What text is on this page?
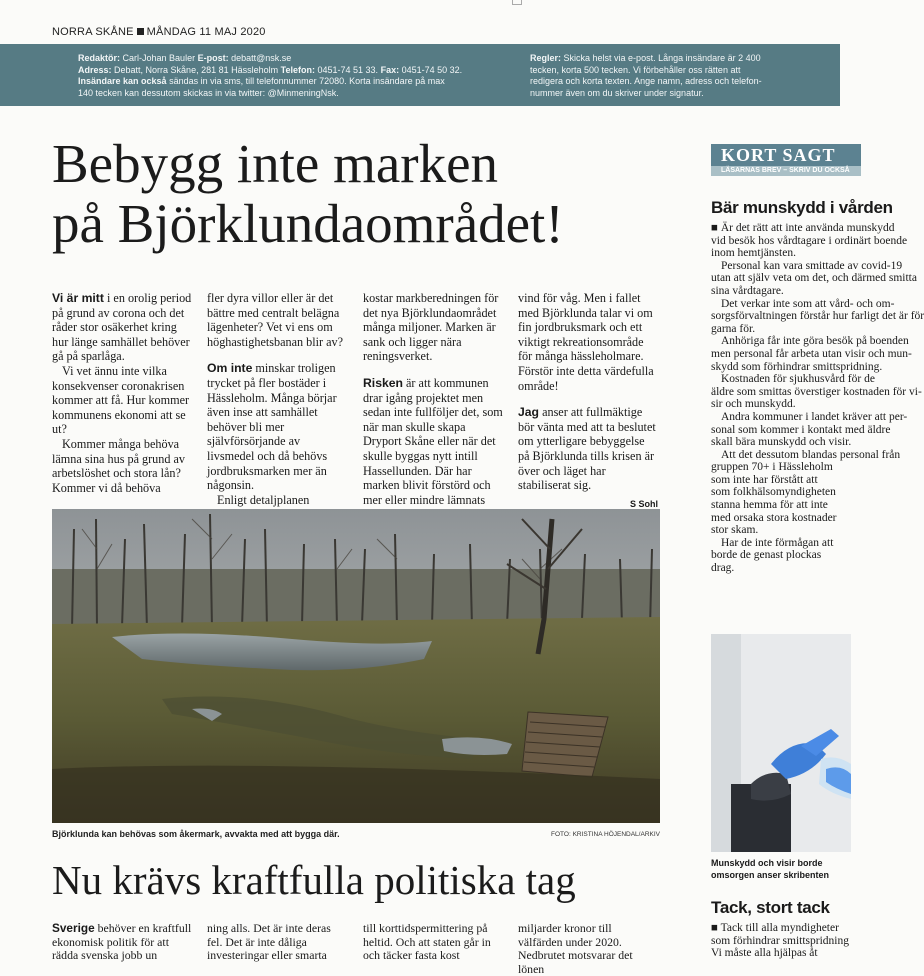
NORRA SKÅNE MÅNDAG 11 MAJ 2020
Redaktör: Carl-Johan Bauler E-post: debatt@nsk.se
Adress: Debatt, Norra Skåne, 281 81 Hässleholm Telefon: 0451-74 51 33. Fax: 0451-74 50 32.
Insändare kan också sändas in via sms, till telefonnummer 72080. Korta insändare på max
140 tecken kan dessutom skickas in via twitter: @MinmeningNsk.
Regler: Skicka helst via e-post. Långa insändare är 2 400
tecken, korta 500 tecken. Vi förbehåller oss rätten att
redigera och korta texten. Ange namn, adress och telefon-
nummer även om du skriver under signatur.
Bebygg inte marken
på Björklundaområdet!

Vi är mitt i en orolig period på grund av corona och det råder stor osäkerhet kring hur länge samhället behöver gå på sparlåga.

Vi vet ännu inte vilka konsekvenser coronakrisen kommer att få. Hur kommer kommunens ekonomi att se ut?

Kommer många behöva lämna sina hus på grund av arbetslöshet och stora lån? Kommer vi då behöva

fler dyra villor eller är det bättre med centralt belägna lägenheter? Vet vi ens om höghastighetsbanan blir av?

Om inte minskar troligen trycket på fler bostäder i Hässleholm. Många börjar även inse att samhället behöver bli mer självförsörjande av livsmedel och då behövs jordbruksmarken mer än någonsin.

Enligt detaljplanen

kostar markberedningen för det nya Björklundaområdet många miljoner. Marken är sank och ligger nära reningsverket.

Risken är att kommunen drar igång projektet men sedan inte fullföljer det, som när man skulle skapa Dryport Skåne eller när det skulle byggas nytt intill Hassellunden. Där har marken blivit förstörd och mer eller mindre lämnats

vind för våg. Men i fallet med Björklunda talar vi om fin jordbruksmark och ett viktigt rekreationsområde för många hässleholmare. Förstör inte detta värdefulla område!

Jag anser att fullmäktige bör vänta med att ta beslutet om ytterligare bebyggelse på Björklunda tills krisen är över och läget har stabiliserat sig.

S Sohl
Björklunda kan behövas som åkermark, avvakta med att bygga där.	FOTO: KRISTINA HÖJENDAL/ARKIV
Nu krävs kraftfulla politiska tag

Sverige behöver en kraftfull ekonomisk politik för att rädda svenska jobb un

ning alls. Det är inte deras fel. Det är inte dåliga investeringar eller smarta

till korttidspermittering på heltid. Och att staten går in och täcker fasta kost

miljarder kronor till välfärden under 2020. Nedbrutet motsvarar det lönen

KORT SAGT
LÄSARNAS BREV – SKRIV DU OCKSÅ
Bär munskydd i vården
■ Är det rätt att inte använda munskydd
vid besök hos vårdtagare i ordinärt boende
inom hemtjänsten.
Personal kan vara smittade av covid-19
utan att själv veta om det, och därmed smitta
sina vårdtagare.
Det verkar inte som att vård- och om-
sorgsförvaltningen förstår hur farligt det är för
garna för.
Anhöriga får inte göra besök på boenden
men personal får arbeta utan visir och mun-
skydd som förhindrar smittspridning.
Kostnaden för sjukhusvård för de
äldre som smittas överstiger kostnaden för vi-
sir och munskydd.
Andra kommuner i landet kräver att per-
sonal som kommer i kontakt med äldre
skall bära munskydd och visir.
Att det dessutom blandas personal från
gruppen 70+ i Hässleholm
som inte har förstått att
som folkhälsomyndigheten
stanna hemma för att inte
med orsaka stora kostnader
stor skam.
Har de inte förmågan att
borde de genast plockas
drag.
Munskydd och visir borde
omsorgen anser skribenten
Tack, stort tack
■ Tack till alla myndigheter
som förhindrar smittspridning
Vi måste alla hjälpas åt
